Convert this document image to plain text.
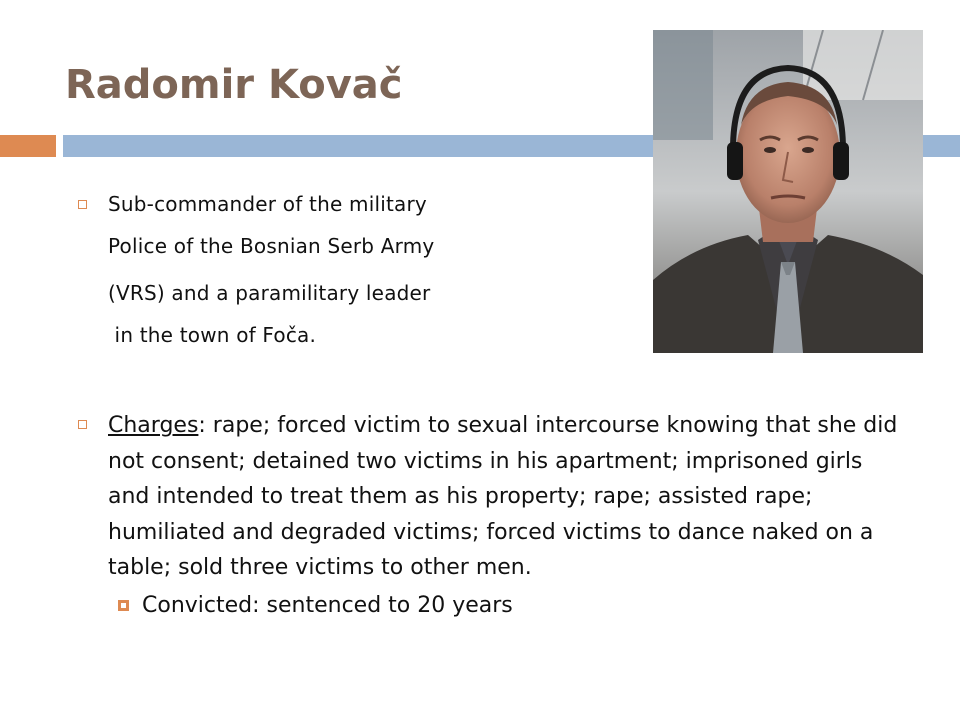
Radomir Kovač
Sub-commander of the military
Police of the Bosnian Serb Army
(VRS) and a paramilitary leader
in the town of Foča.
Charges: rape; forced victim to sexual intercourse knowing that she did not consent; detained two victims in his apartment; imprisoned girls and intended to treat them as his property; rape; assisted rape; humiliated and degraded victims; forced victims to dance naked on a table; sold three victims to other men.
Convicted: sentenced to 20 years
